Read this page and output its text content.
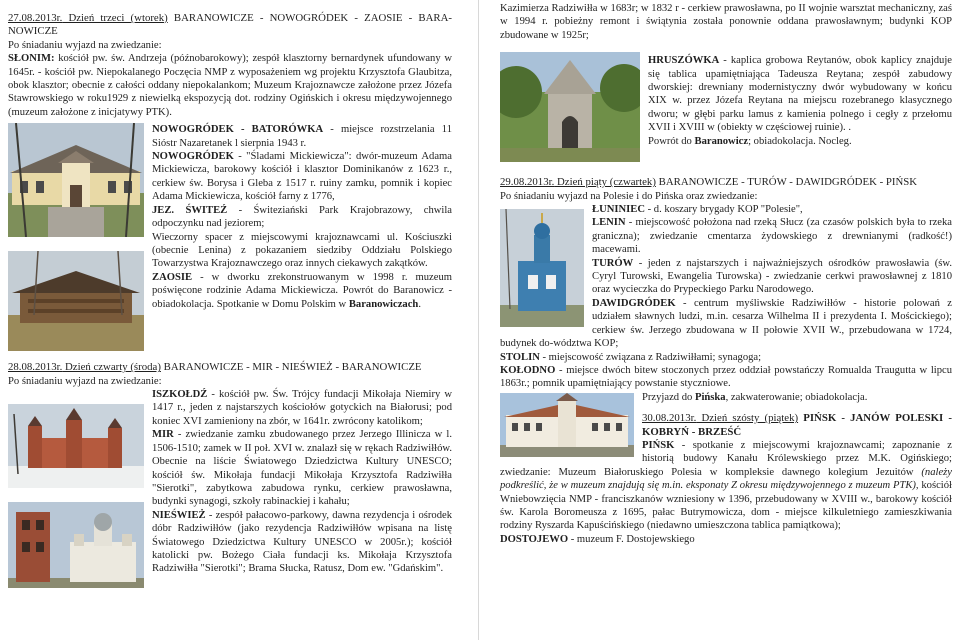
27.08.2013r. Dzień trzeci (wtorek) BARANOWICZE - NOWOGRÓDEK - ZAOSIE - BARA-NOWICZE

Po śniadaniu wyjazd na zwiedzanie:

SŁONIM: kościół pw. św. Andrzeja (późnobarokowy); zespół klasztorny bernardynek ufundowany w 1645r. - kościół pw. Niepokalanego Poczęcia NMP z wyposażeniem wg projektu Krzysztofa Glaubitza, obok klasztor; obecnie z całości oddany niepokalankom; Muzeum Krajoznawcze założone przez Józefa Stawrowskiego w roku1929 z niewielką ekspozycją dot. rodziny Ogińskich i okresu międzywojennego (muzeum założone z inicjatywy PTK).

NOWOGRÓDEK - BATORÓWKA - miejsce rozstrzelania 11 Sióstr Nazaretanek l sierpnia 1943 r.

NOWOGRÓDEK - "Śladami Mickiewicza": dwór-muzeum Adama Mickiewicza, barokowy kościół i klasztor Dominikanów z 1623 r., cerkiew św. Borysa i Gleba z 1517 r. ruiny zamku, pomnik i kopiec Adama Mickiewicza, kościół farny z 1776,

JEZ. ŚWITEŹ - Świteziański Park Krajobrazowy, chwila odpoczynku nad jeziorem;

Wieczorny spacer z miejscowymi krajoznawcami ul. Kościuszki (obecnie Lenina) z pokazaniem siedziby Oddziału Polskiego Towarzystwa Krajoznawczego oraz innych ciekawych zakątków.

ZAOSIE - w dworku zrekonstruowanym w 1998 r. muzeum poświęcone rodzinie Adama Mickiewicza. Powrót do Baranowicz - obiadokolacja. Spotkanie w Domu Polskim w Baranowiczach.

28.08.2013r. Dzień czwarty (środa) BARANOWICZE - MIR - NIEŚWIEŻ - BARANOWICZE

Po śniadaniu wyjazd na zwiedzanie:

ISZKOŁDŹ - kościół pw. Św. Trójcy fundacji Mikołaja Niemiry w 1417 r., jeden z najstarszych kościołów gotyckich na Białorusi; pod koniec XVI zamieniony na zbór, w 1641r. zwrócony katolikom;

MIR - zwiedzanie zamku zbudowanego przez Jerzego Illinicza w l. 1506-1510; zamek w II poł. XVI w. znalazł się w rękach Radziwiłłów. Obecnie na liście Światowego Dziedzictwa Kultury UNESCO; kościół św. Mikołaja fundacji Mikołaja Krzysztofa Radziwiłła "Sierotki", zabytkowa zabudowa rynku, cerkiew prawosławna, budynki synagogi, szkoły rabinackiej i kahału;

NIEŚWIEŻ - zespół pałacowo-parkowy, dawna rezydencja i ośrodek dóbr Radziwiłłów (jako rezydencja Radziwiłłów wpisana na listę Światowego Dziedzictwa Kultury UNESCO w 2005r.); kościół katolicki pw. Bożego Ciała fundacji ks. Mikołaja Krzysztofa Radziwiłła "Sierotki"; Brama Słucka, Ratusz, Dom ew. "Gdańskim".

Kazimierza Radziwiłła w 1683r; w 1832 r - cerkiew prawosławna, po II wojnie warsztat mechaniczny, zaś w 1994 r. pobieżny remont i świątynia została ponownie oddana prawosławnym; budynki KOP zbudowane w 1925r;

HRUSZÓWKA - kaplica grobowa Reytanów, obok kaplicy znajduje się tablica upamiętniająca Tadeusza Reytana; zespół zabudowy dworskiej: drewniany modernistyczny dwór wybudowany w końcu XIX w. przez Józefa Reytana na miejscu rozebranego klasycznego dworu; w głębi parku lamus z kamienia polnego i cegły z przełomu XVII i XVIII w (obiekty w częściowej ruinie). .

Powrót do Baranowicz; obiadokolacja. Nocleg.

29.08.2013r. Dzień piąty (czwartek) BARANOWICZE - TURÓW - DAWIDGRÓDEK - PIŃSK

Po śniadaniu wyjazd na Polesie i do Pińska oraz zwiedzanie:

ŁUNINIEC - d. koszary brygady KOP "Polesie",

LENIN - miejscowość położona nad rzeką Słucz (za czasów polskich była to rzeka graniczna); zwiedzanie cmentarza żydowskiego z drewnianymi (radkość!) macewami.

TURÓW - jeden z najstarszych i najważniejszych ośrodków prawosławia (św. Cyryl Turowski, Ewangelia Turowska) - zwiedzanie cerkwi prawosławnej z 1810 oraz wycieczka do Prypeckiego Parku Narodowego.

DAWIDGRÓDEK - centrum myśliwskie Radziwiłłów - historie polowań z udziałem sławnych ludzi, m.in. cesarza Wilhelma II i prezydenta I. Mościckiego); cerkiew św. Jerzego zbudowana w II połowie XVII W., przebudowana w 1724, budynek do-wództwa KOP;

STOLIN - miejscowość związana z Radziwiłłami; synagoga;

KOŁODNO - miejsce dwóch bitew stoczonych przez oddział powstańczy Romualda Traugutta w lipcu 1863r.; pomnik upamiętniający powstanie styczniowe.

Przyjazd do Pińska, zakwaterowanie; obiadokolacja.

30.08.2013r. Dzień szósty (piątek) PIŃSK - JANÓW POLESKI - KOBRYŃ - BRZEŚĆ

PIŃSK - spotkanie z miejscowymi krajoznawcami; zapoznanie z historią budowy Kanału Królewskiego przez M.K. Ogińskiego; zwiedzanie: Muzeum Białoruskiego Polesia w kompleksie dawnego kolegium Jezuitów (należy podkreślić, że w muzeum znajdują się m.in. eksponaty Z okresu międzywojennego z muzeum PTK), kościół Wniebowzięcia NMP - franciszkanów wzniesiony w 1396, przebudowany w XVIII w., barokowy kościół św. Karola Boromeusza z 1695, pałac Butrymowicza, dom - miejsce kilkuletniego zamieszkiwania rodziny Ryszarda Kapuścińskiego (niedawno umieszczona tablica pamiątkowa);

DOSTOJEWO - muzeum F. Dostojewskiego
